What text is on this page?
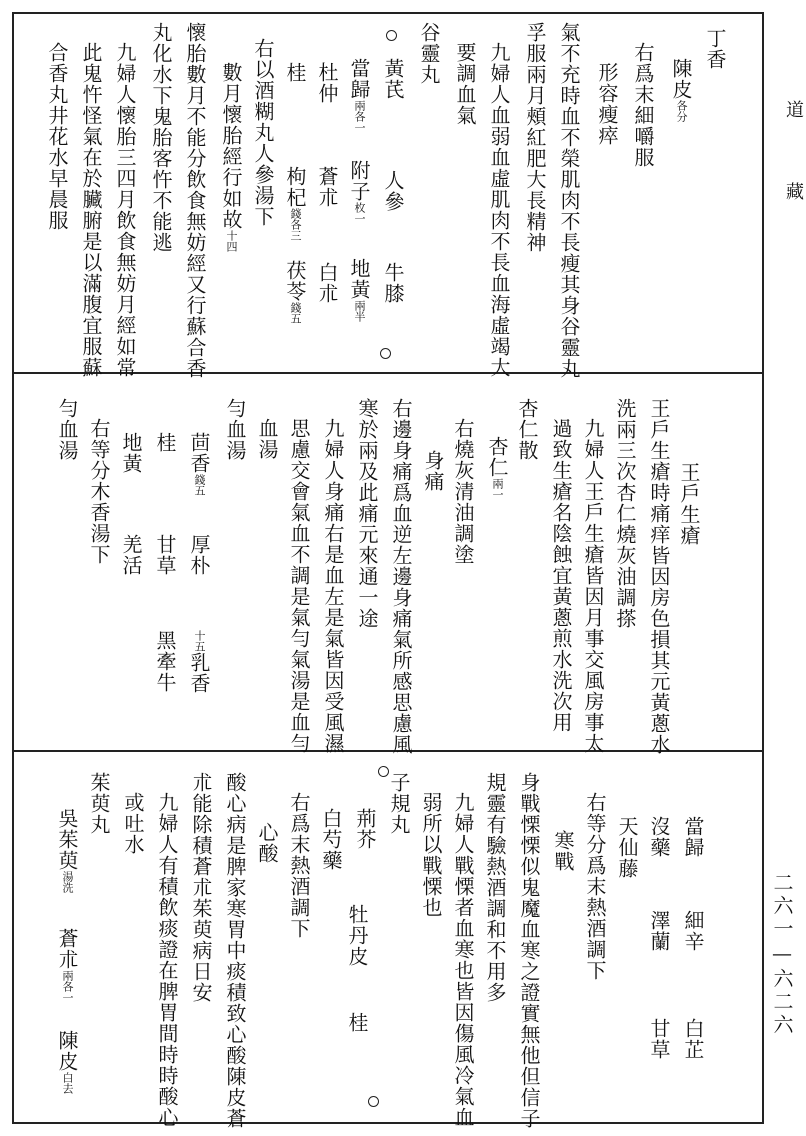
道
藏
二六一—六二六
丁香
陳皮各分
右爲末細嚼服
形容瘦瘁
氣不充時血不榮肌肉不長瘦其身谷靈丸
孚服兩月頰紅肥大長精神
九婦人血弱血虛肌肉不長血海虛竭大
要調血氣
谷靈丸
黃芪
人參
牛膝
當歸兩各一
附子枚一
地黃兩半
杜仲
蒼朮
白朮
桂
枸杞錢各三
茯苓錢五
右以酒糊丸人參湯下
數月懷胎經行如故十四
懷胎數月不能分飲食無妨經又行蘇合香
丸化水下鬼胎客忤不能逃
九婦人懷胎三四月飲食無妨月經如常
此鬼忤怪氣在於臟腑是以滿腹宜服蘇
合香丸井花水早晨服
王戶生瘡
王戶生瘡時痛痒皆因房色損其元黃蔥水
洗兩三次杏仁燒灰油調搽
九婦人王戶生瘡皆因月事交風房事太
過致生瘡名陰蝕宜黃蔥煎水洗次用
杏仁散
杏仁兩一
右燒灰清油調塗
身痛
右邊身痛爲血逆左邊身痛氣所感思慮風
寒於兩及此痛元來通一途
九婦人身痛右是血左是氣皆因受風濕
思慮交會氣血不調是氣勻氣湯是血勻
血湯
勻血湯
茴香錢五
厚朴
十五乳香
桂
甘草
黑牽牛
地黃
羌活
右等分木香湯下
勻血湯
當歸
細辛
白芷
沒藥
澤蘭
甘草
天仙藤
右等分爲末熱酒調下
寒戰
身戰慄慄似鬼魔血寒之證實無他但信子
規靈有驗熱酒調和不用多
九婦人戰慄者血寒也皆因傷風冷氣血
弱所以戰慄也
子規丸
荊芥
白芍藥
牡丹皮
桂
右爲末熱酒調下
心酸
酸心病是脾家寒胃中痰積致心酸陳皮蒼
朮能除積蒼朮茱萸病日安
九婦人有積飲痰證在脾胃間時時酸心
或吐水
茱萸丸
吳茱萸湯洗
蒼朮兩各一
陳皮白去
